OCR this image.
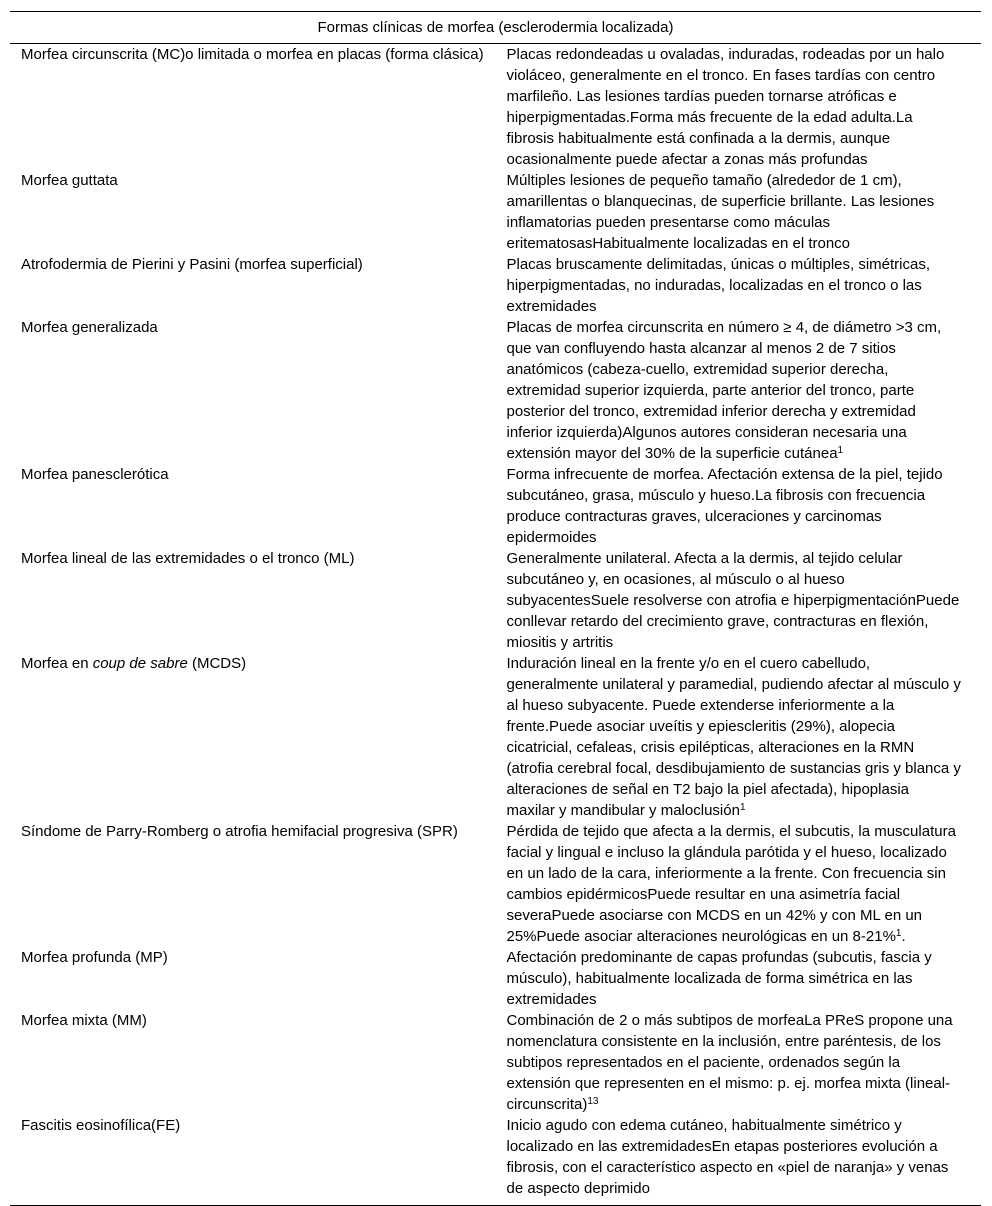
Formas clínicas de morfea (esclerodermia localizada)	
Morfea circunscrita (MC)o limitada o morfea en placas (forma clásica)	Placas redondeadas u ovaladas, induradas, rodeadas por un halo violáceo, generalmente en el tronco. En fases tardías con centro marfileño. Las lesiones tardías pueden tornarse atróficas e hiperpigmentadas.Forma más frecuente de la edad adulta.La fibrosis habitualmente está confinada a la dermis, aunque ocasionalmente puede afectar a zonas más profundas
Morfea guttata	Múltiples lesiones de pequeño tamaño (alrededor de 1 cm), amarillentas o blanquecinas, de superficie brillante. Las lesiones inflamatorias pueden presentarse como máculas eritematosasHabitualmente localizadas en el tronco
Atrofodermia de Pierini y Pasini (morfea superficial)	Placas bruscamente delimitadas, únicas o múltiples, simétricas, hiperpigmentadas, no induradas, localizadas en el tronco o las extremidades
Morfea generalizada	Placas de morfea circunscrita en número ≥ 4, de diámetro >3 cm, que van confluyendo hasta alcanzar al menos 2 de 7 sitios anatómicos (cabeza-cuello, extremidad superior derecha, extremidad superior izquierda, parte anterior del tronco, parte posterior del tronco, extremidad inferior derecha y extremidad inferior izquierda)Algunos autores consideran necesaria una extensión mayor del 30% de la superficie cutánea$^1$
Morfea panesclerótica	Forma infrecuente de morfea. Afectación extensa de la piel, tejido subcutáneo, grasa, músculo y hueso.La fibrosis con frecuencia produce contracturas graves, ulceraciones y carcinomas epidermoides
Morfea lineal de las extremidades o el tronco (ML)	Generalmente unilateral. Afecta a la dermis, al tejido celular subcutáneo y, en ocasiones, al músculo o al hueso subyacentesSuele resolverse con atrofia e hiperpigmentaciónPuede conllevar retardo del crecimiento grave, contracturas en flexión, miositis y artritis
Morfea en coup de sabre (MCDS)	Induración lineal en la frente y/o en el cuero cabelludo, generalmente unilateral y paramedial, pudiendo afectar al músculo y al hueso subyacente. Puede extenderse inferiormente a la frente.Puede asociar uveítis y epiescleritis (29%), alopecia cicatricial, cefaleas, crisis epilépticas, alteraciones en la RMN (atrofia cerebral focal, desdibujamiento de sustancias gris y blanca y alteraciones de señal en T2 bajo la piel afectada), hipoplasia maxilar y mandibular y maloclusión$^1$
Síndome de Parry-Romberg o atrofia hemifacial progresiva (SPR)	Pérdida de tejido que afecta a la dermis, el subcutis, la musculatura facial y lingual e incluso la glándula parótida y el hueso, localizado en un lado de la cara, inferiormente a la frente. Con frecuencia sin cambios epidérmicosPuede resultar en una asimetría facial severaPuede asociarse con MCDS en un 42% y con ML en un 25%Puede asociar alteraciones neurológicas en un 8-21%$^1$.
Morfea profunda (MP)	Afectación predominante de capas profundas (subcutis, fascia y músculo), habitualmente localizada de forma simétrica en las extremidades
Morfea mixta (MM)	Combinación de 2 o más subtipos de morfeaLa PReS propone una nomenclatura consistente en la inclusión, entre paréntesis, de los subtipos representados en el paciente, ordenados según la extensión que representen en el mismo: p. ej. morfea mixta (lineal-circunscrita)$^{13}$
Fascitis eosinofílica(FE)	Inicio agudo con edema cutáneo, habitualmente simétrico y localizado en las extremidadesEn etapas posteriores evolución a fibrosis, con el característico aspecto en «piel de naranja» y venas de aspecto deprimido
